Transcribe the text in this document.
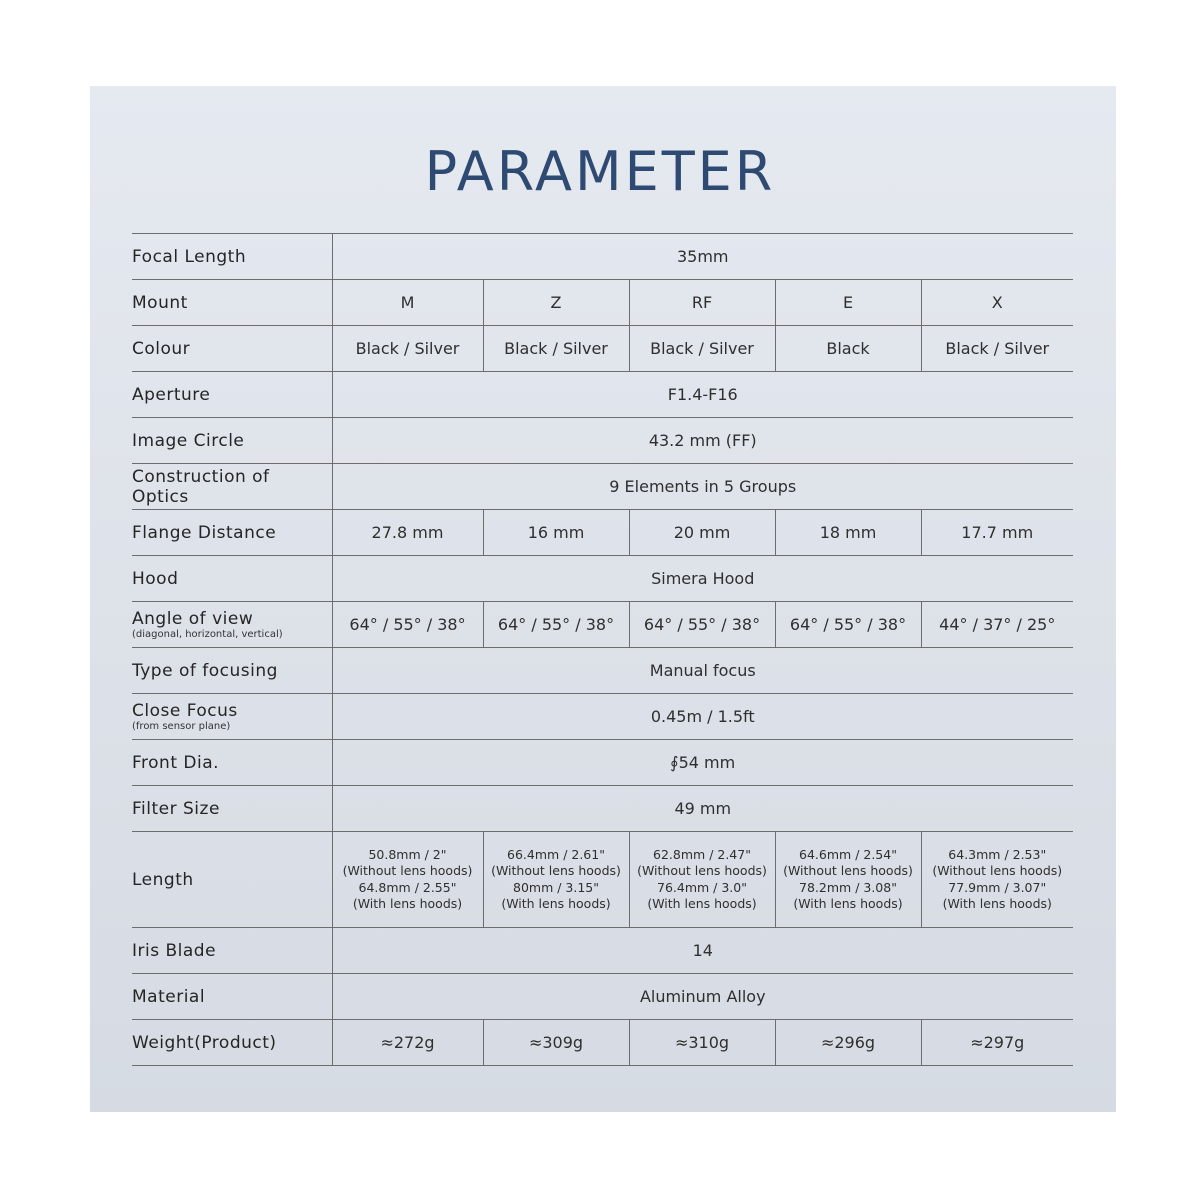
PARAMETER
Focal Length	35mm				
Mount	M	Z	RF	E	X
Colour	Black / Silver	Black / Silver	Black / Silver	Black	Black / Silver
Aperture	F1.4-F16				
Image Circle	43.2 mm (FF)				
Construction of Optics	9 Elements in 5 Groups				
Flange Distance	27.8 mm	16 mm	20 mm	18 mm	17.7 mm
Hood	Simera Hood				

Angle of view
(diagonal, horizontal, vertical)	64° / 55° / 38°	64° / 55° / 38°	64° / 55° / 38°	64° / 55° / 38°	44° / 37° / 25°
Type of focusing	Manual focus				

Close Focus
(from sensor plane)	0.45m / 1.5ft				
Front Dia.	∮54 mm				
Filter Size	49 mm				
Length	50.8mm / 2"
(Without lens hoods)
64.8mm / 2.55"
(With lens hoods)	66.4mm / 2.61"
(Without lens hoods)
80mm / 3.15"
(With lens hoods)	62.8mm / 2.47"
(Without lens hoods)
76.4mm / 3.0"
(With lens hoods)	64.6mm / 2.54"
(Without lens hoods)
78.2mm / 3.08"
(With lens hoods)	64.3mm / 2.53"
(Without lens hoods)
77.9mm / 3.07"
(With lens hoods)

Iris Blade	14				
Material	Aluminum Alloy				
Weight(Product)	≈272g	≈309g	≈310g	≈296g	≈297g
